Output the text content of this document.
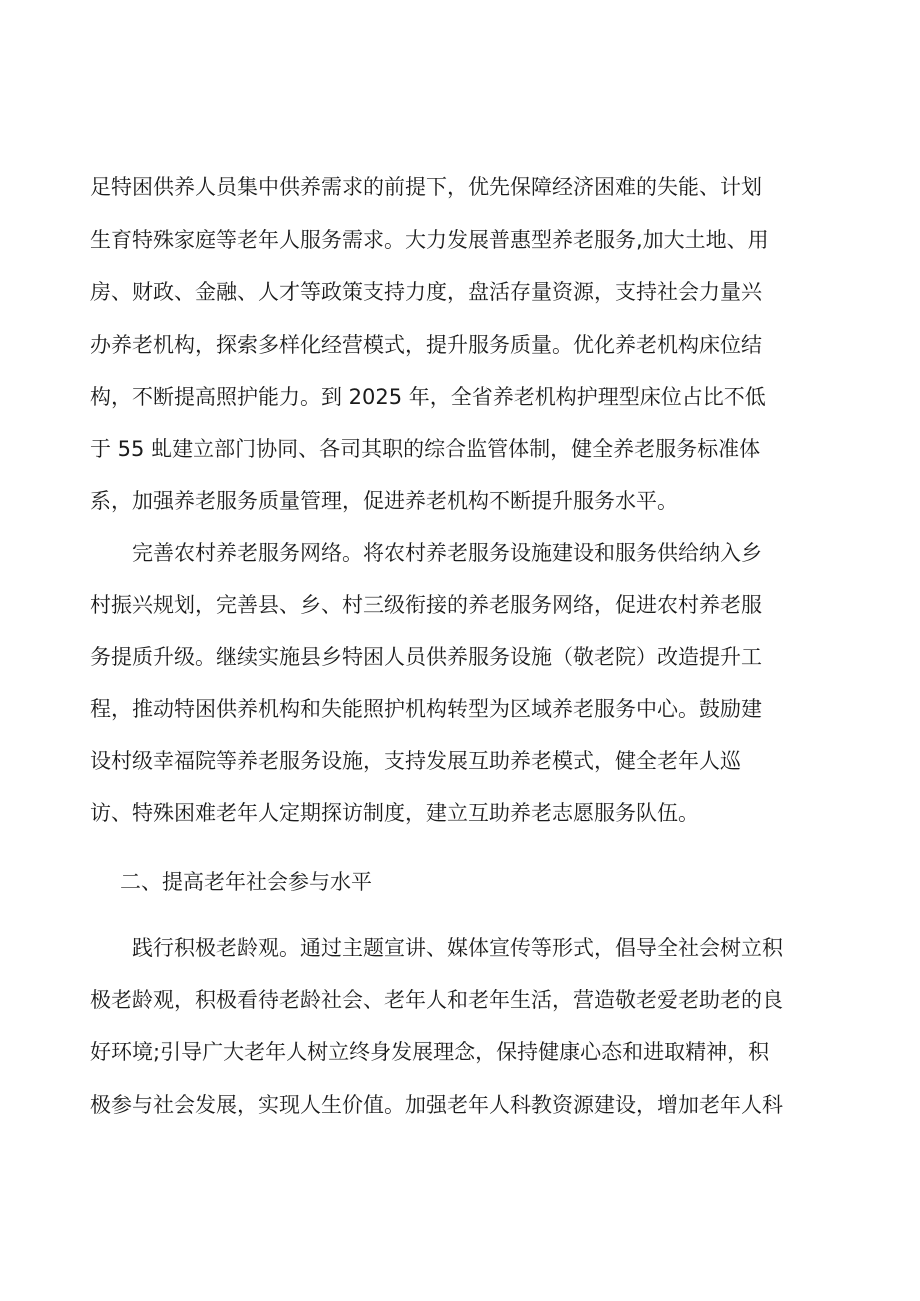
足特困供养人员集中供养需求的前提下，优先保障经济困难的失能、计划
生育特殊家庭等老年人服务需求。大力发展普惠型养老服务,加大土地、用
房、财政、金融、人才等政策支持力度，盘活存量资源，支持社会力量兴
办养老机构，探索多样化经营模式，提升服务质量。优化养老机构床位结
构，不断提高照护能力。到 2025 年，全省养老机构护理型床位占比不低
于 55 虬建立部门协同、各司其职的综合监管体制，健全养老服务标准体
系，加强养老服务质量管理，促进养老机构不断提升服务水平。
完善农村养老服务网络。将农村养老服务设施建设和服务供给纳入乡
村振兴规划，完善县、乡、村三级衔接的养老服务网络，促进农村养老服
务提质升级。继续实施县乡特困人员供养服务设施（敬老院）改造提升工
程，推动特困供养机构和失能照护机构转型为区域养老服务中心。鼓励建
设村级幸福院等养老服务设施，支持发展互助养老模式，健全老年人巡
访、特殊困难老年人定期探访制度，建立互助养老志愿服务队伍。
二、提高老年社会参与水平
践行积极老龄观。通过主题宣讲、媒体宣传等形式，倡导全社会树立积
极老龄观，积极看待老龄社会、老年人和老年生活，营造敬老爱老助老的良
好环境;引导广大老年人树立终身发展理念，保持健康心态和进取精神，积
极参与社会发展，实现人生价值。加强老年人科教资源建设，增加老年人科
